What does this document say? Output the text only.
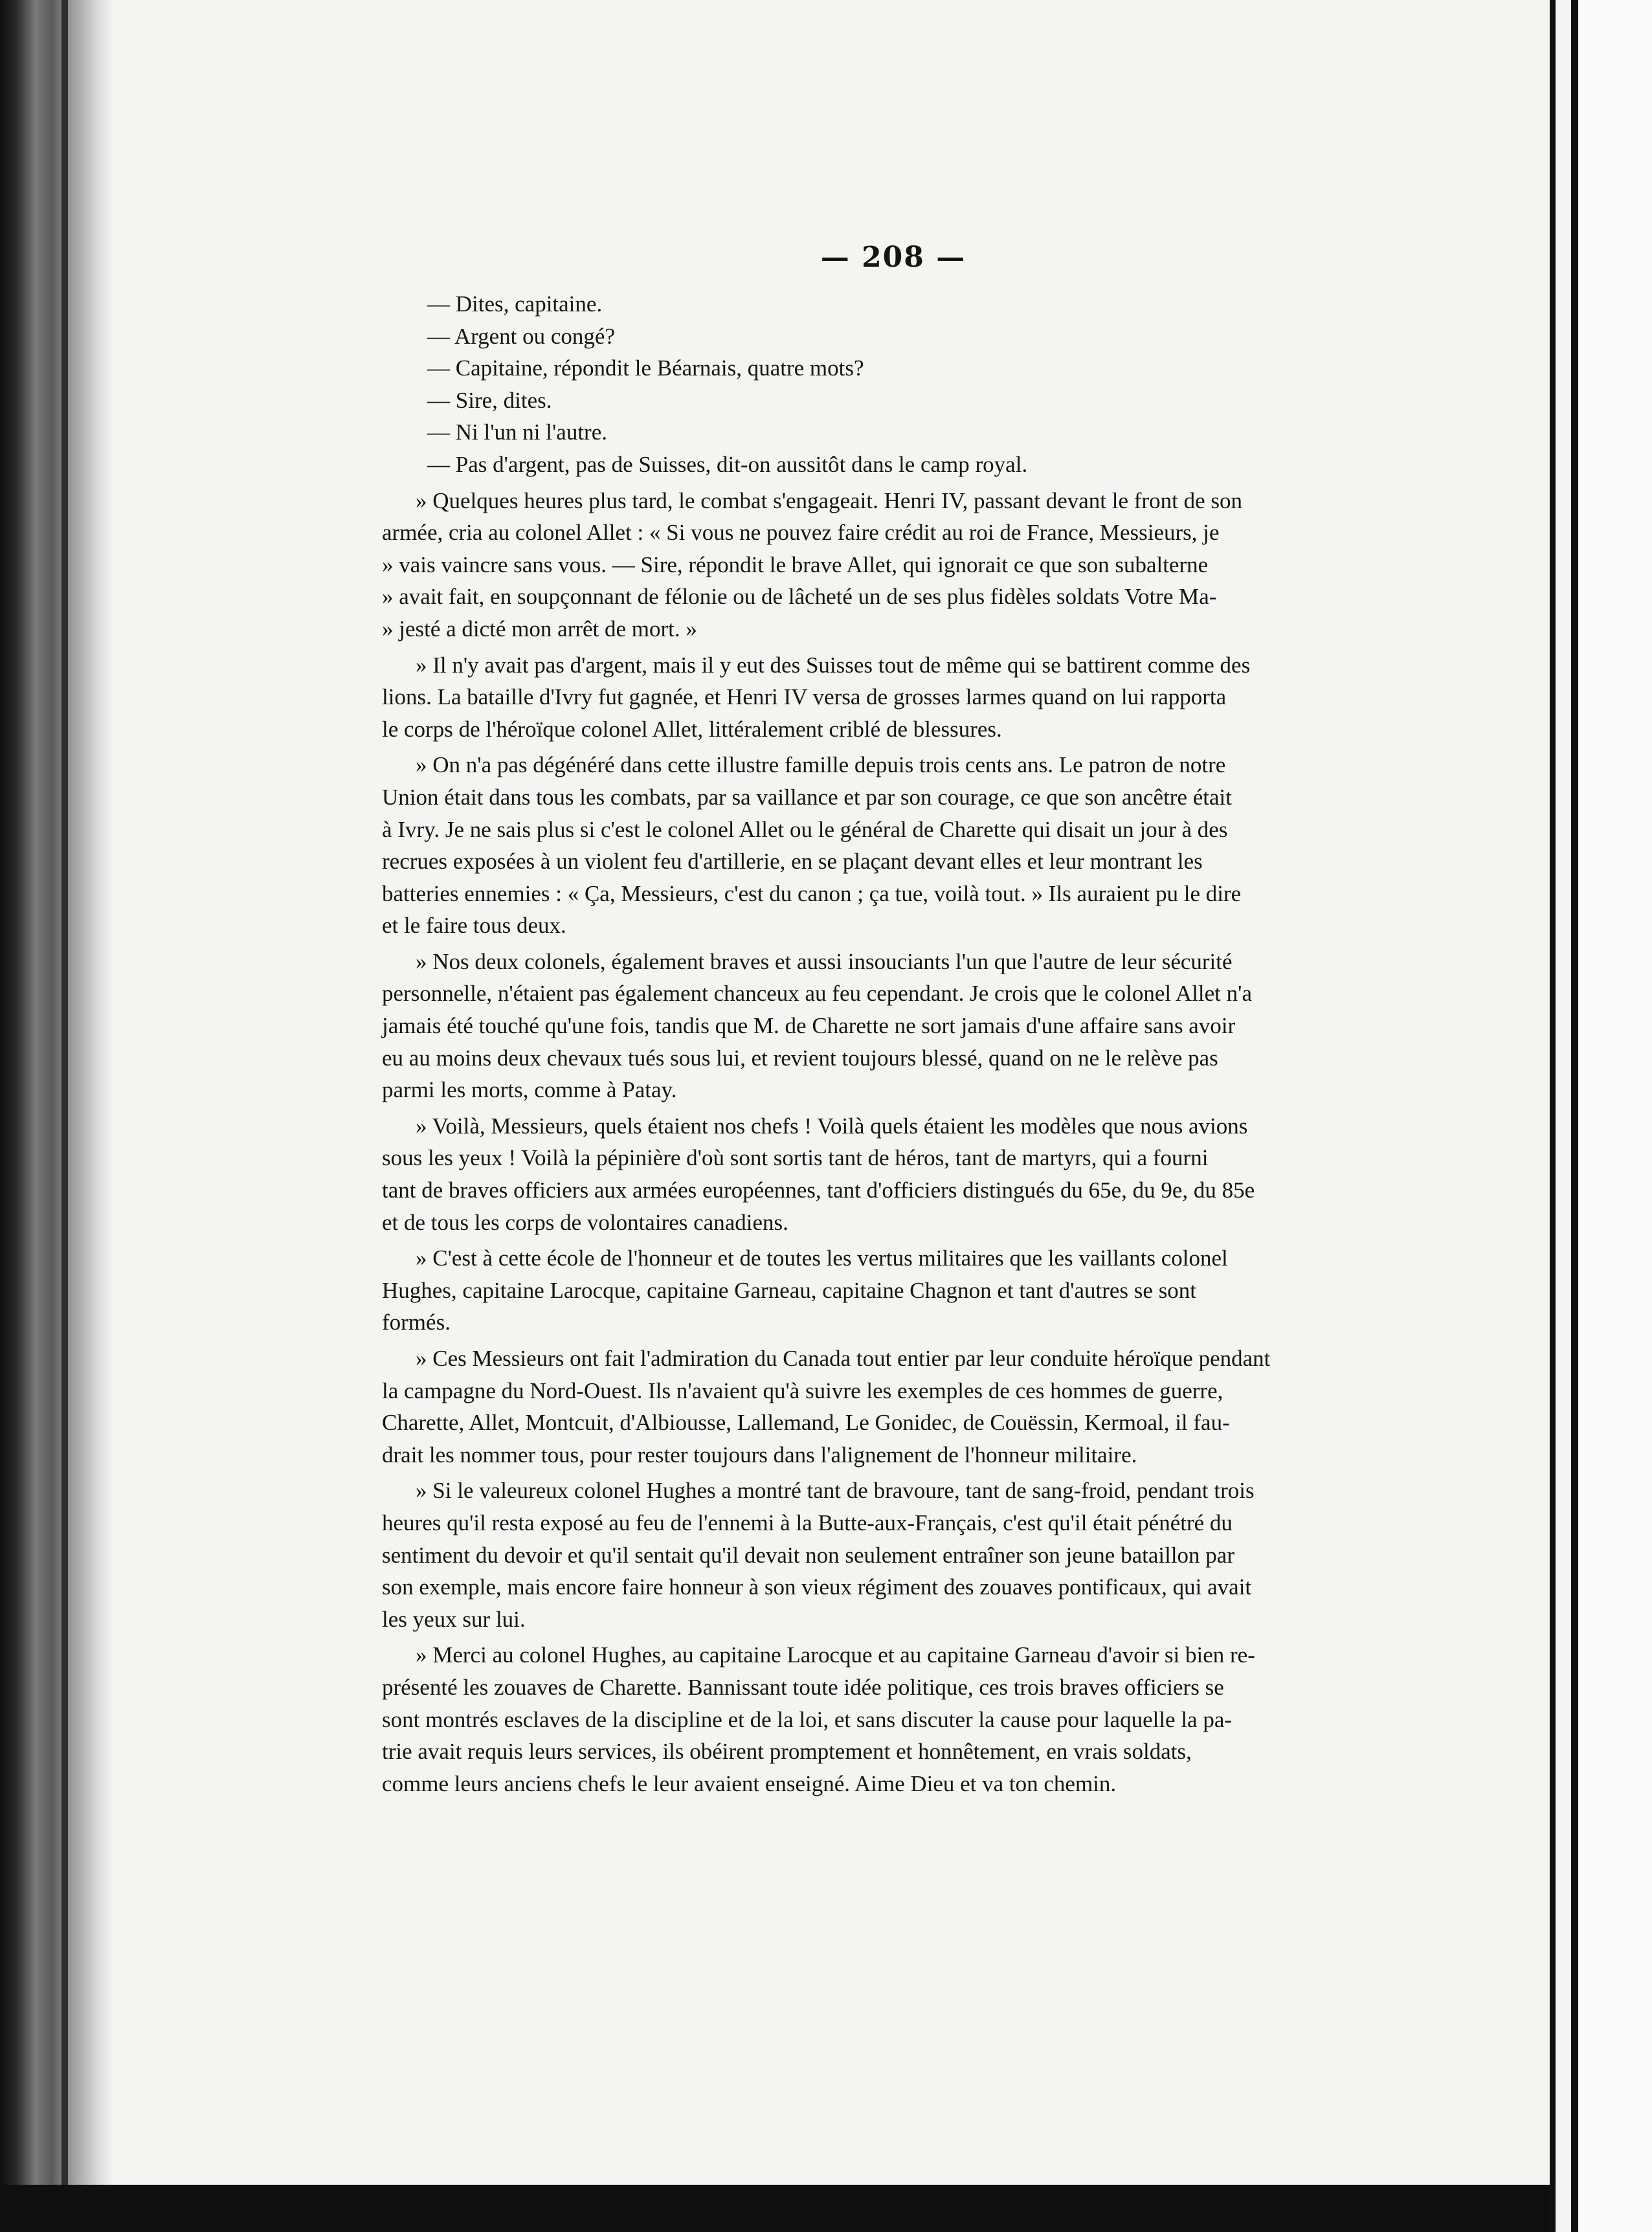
— 208 —
— Dites, capitaine.
— Argent ou congé?
— Capitaine, répondit le Béarnais, quatre mots?
— Sire, dites.
— Ni l'un ni l'autre.
— Pas d'argent, pas de Suisses, dit-on aussitôt dans le camp royal.
» Quelques heures plus tard, le combat s'engageait. Henri IV, passant devant le front de son
armée, cria au colonel Allet : « Si vous ne pouvez faire crédit au roi de France, Messieurs, je
» vais vaincre sans vous. — Sire, répondit le brave Allet, qui ignorait ce que son subalterne
» avait fait, en soupçonnant de félonie ou de lâcheté un de ses plus fidèles soldats Votre Ma-
» jesté a dicté mon arrêt de mort. »
» Il n'y avait pas d'argent, mais il y eut des Suisses tout de même qui se battirent comme des
lions. La bataille d'Ivry fut gagnée, et Henri IV versa de grosses larmes quand on lui rapporta
le corps de l'héroïque colonel Allet, littéralement criblé de blessures.
» On n'a pas dégénéré dans cette illustre famille depuis trois cents ans. Le patron de notre
Union était dans tous les combats, par sa vaillance et par son courage, ce que son ancêtre était
à Ivry. Je ne sais plus si c'est le colonel Allet ou le général de Charette qui disait un jour à des
recrues exposées à un violent feu d'artillerie, en se plaçant devant elles et leur montrant les
batteries ennemies : « Ça, Messieurs, c'est du canon ; ça tue, voilà tout. » Ils auraient pu le dire
et le faire tous deux.
» Nos deux colonels, également braves et aussi insouciants l'un que l'autre de leur sécurité
personnelle, n'étaient pas également chanceux au feu cependant. Je crois que le colonel Allet n'a
jamais été touché qu'une fois, tandis que M. de Charette ne sort jamais d'une affaire sans avoir
eu au moins deux chevaux tués sous lui, et revient toujours blessé, quand on ne le relève pas
parmi les morts, comme à Patay.
» Voilà, Messieurs, quels étaient nos chefs ! Voilà quels étaient les modèles que nous avions
sous les yeux ! Voilà la pépinière d'où sont sortis tant de héros, tant de martyrs, qui a fourni
tant de braves officiers aux armées européennes, tant d'officiers distingués du 65e, du 9e, du 85e
et de tous les corps de volontaires canadiens.
» C'est à cette école de l'honneur et de toutes les vertus militaires que les vaillants colonel
Hughes, capitaine Larocque, capitaine Garneau, capitaine Chagnon et tant d'autres se sont
formés.
» Ces Messieurs ont fait l'admiration du Canada tout entier par leur conduite héroïque pendant
la campagne du Nord-Ouest. Ils n'avaient qu'à suivre les exemples de ces hommes de guerre,
Charette, Allet, Montcuit, d'Albiousse, Lallemand, Le Gonidec, de Couëssin, Kermoal, il fau-
drait les nommer tous, pour rester toujours dans l'alignement de l'honneur militaire.
» Si le valeureux colonel Hughes a montré tant de bravoure, tant de sang-froid, pendant trois
heures qu'il resta exposé au feu de l'ennemi à la Butte-aux-Français, c'est qu'il était pénétré du
sentiment du devoir et qu'il sentait qu'il devait non seulement entraîner son jeune bataillon par
son exemple, mais encore faire honneur à son vieux régiment des zouaves pontificaux, qui avait
les yeux sur lui.
» Merci au colonel Hughes, au capitaine Larocque et au capitaine Garneau d'avoir si bien re-
présenté les zouaves de Charette. Bannissant toute idée politique, ces trois braves officiers se
sont montrés esclaves de la discipline et de la loi, et sans discuter la cause pour laquelle la pa-
trie avait requis leurs services, ils obéirent promptement et honnêtement, en vrais soldats,
comme leurs anciens chefs le leur avaient enseigné. Aime Dieu et va ton chemin.
